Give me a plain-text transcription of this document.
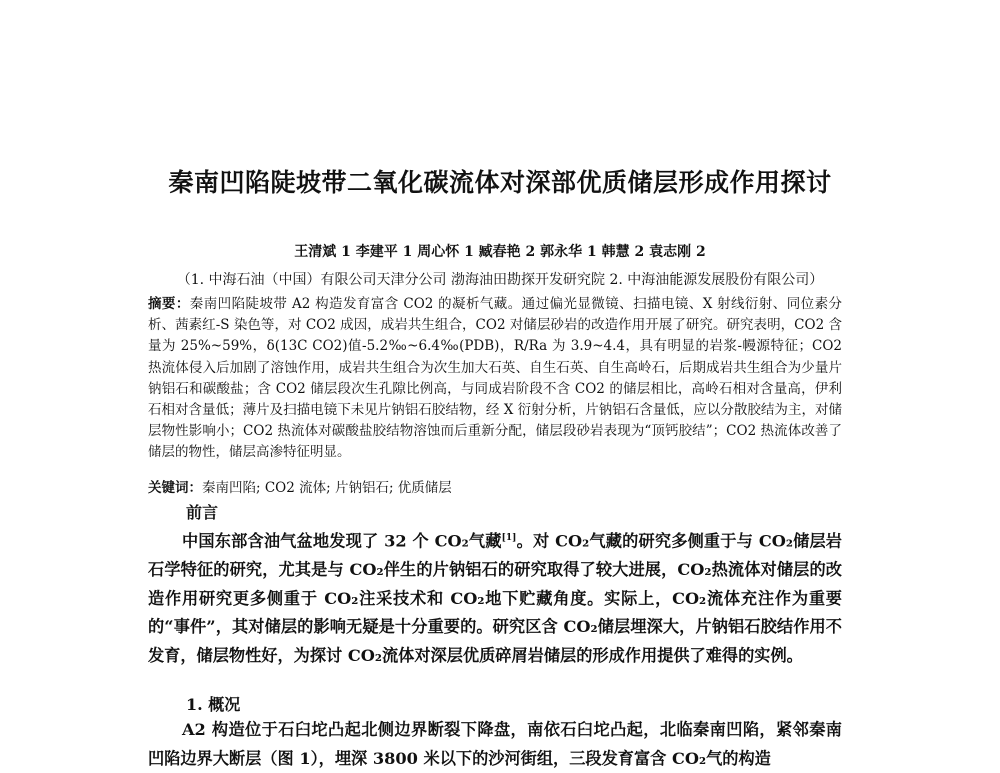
秦南凹陷陡坡带二氧化碳流体对深部优质储层形成作用探讨
王清斌 1 李建平 1 周心怀 1 臧春艳 2 郭永华 1 韩慧 2 袁志刚 2
（1. 中海石油（中国）有限公司天津分公司 渤海油田勘探开发研究院 2. 中海油能源发展股份有限公司）
摘要：秦南凹陷陡坡带 A2 构造发育富含 CO2 的凝析气藏。通过偏光显微镜、扫描电镜、X 射线衍射、同位素分析、茜素红-S 染色等，对 CO2 成因，成岩共生组合，CO2 对储层砂岩的改造作用开展了研究。研究表明，CO2 含量为 25%~59%，δ(13C CO2)值-5.2‰~6.4‰(PDB)，R/Ra 为 3.9~4.4，具有明显的岩浆-幔源特征；CO2 热流体侵入后加剧了溶蚀作用，成岩共生组合为次生加大石英、自生石英、自生高岭石，后期成岩共生组合为少量片钠铝石和碳酸盐；含 CO2 储层段次生孔隙比例高，与同成岩阶段不含 CO2 的储层相比，高岭石相对含量高，伊利石相对含量低；薄片及扫描电镜下未见片钠铝石胶结物，经 X 衍射分析，片钠铝石含量低，应以分散胶结为主，对储层物性影响小；CO2 热流体对碳酸盐胶结物溶蚀而后重新分配，储层段砂岩表现为“顶钙胶结”；CO2 热流体改善了储层的物性，储层高渗特征明显。
关键词：秦南凹陷; CO2 流体; 片钠铝石; 优质储层
前言
中国东部含油气盆地发现了 32 个 CO₂气藏[1]。对 CO₂气藏的研究多侧重于与 CO₂储层岩石学特征的研究，尤其是与 CO₂伴生的片钠铝石的研究取得了较大进展，CO₂热流体对储层的改造作用研究更多侧重于 CO₂注采技术和 CO₂地下贮藏角度。实际上，CO₂流体充注作为重要的“事件”，其对储层的影响无疑是十分重要的。研究区含 CO₂储层埋深大，片钠铝石胶结作用不发育，储层物性好，为探讨 CO₂流体对深层优质碎屑岩储层的形成作用提供了难得的实例。
1. 概况
A2 构造位于石臼坨凸起北侧边界断裂下降盘，南依石臼坨凸起，北临秦南凹陷，紧邻秦南凹陷边界大断层（图 1），埋深 3800 米以下的沙河街组，三段发育富含 CO₂气的构造
